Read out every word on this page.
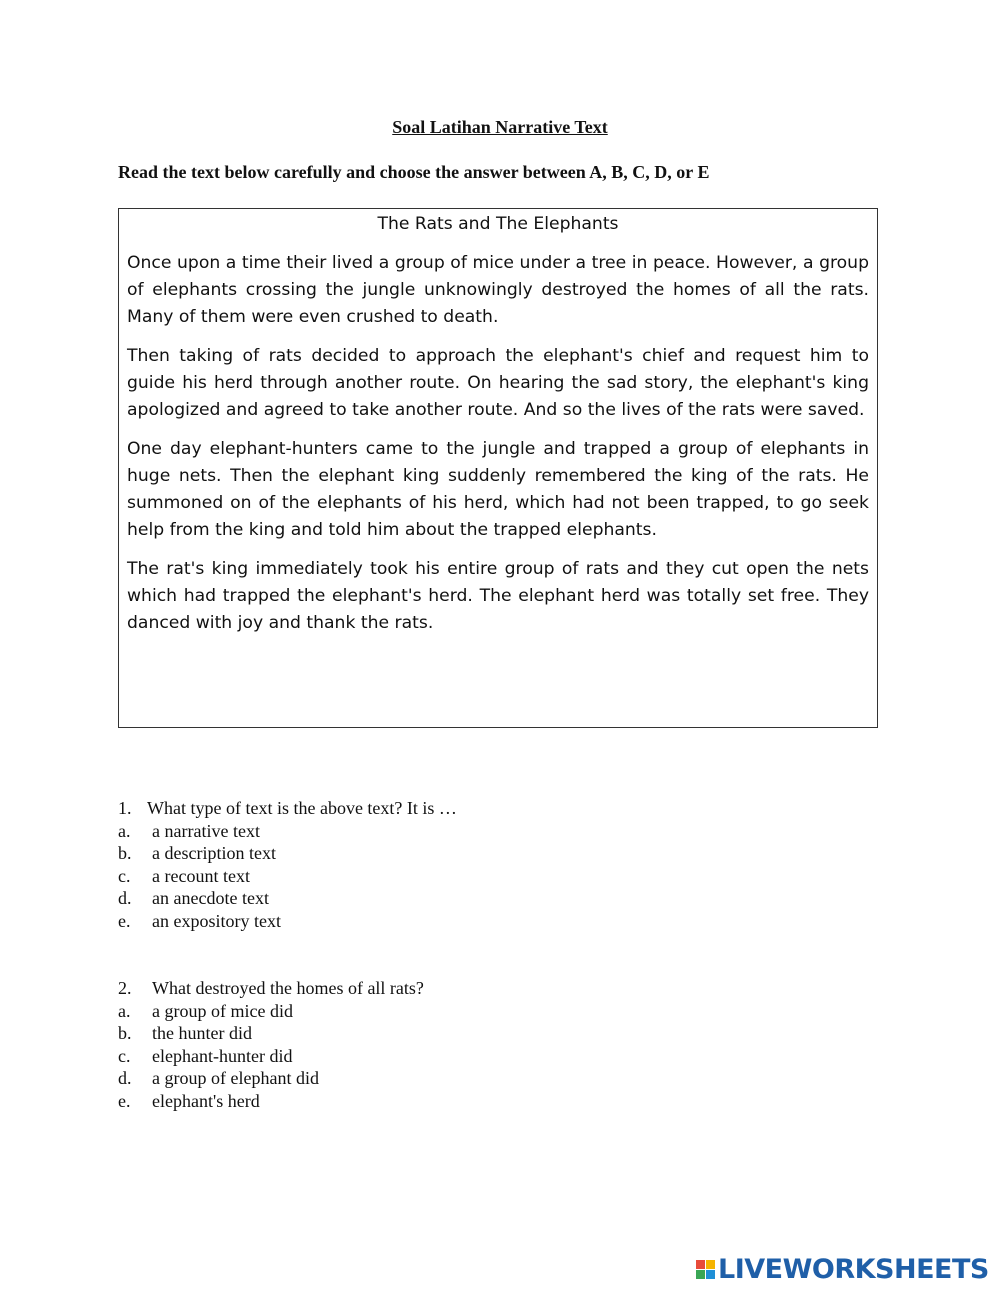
Soal Latihan Narrative Text
Read the text below carefully and choose the answer between A, B, C, D, or E
The Rats and The Elephants

Once upon a time their lived a group of mice under a tree in peace. However, a group of elephants crossing the jungle unknowingly destroyed the homes of all the rats. Many of them were even crushed to death.

Then taking of rats decided to approach the elephant's chief and request him to guide his herd through another route. On hearing the sad story, the elephant's king apologized and agreed to take another route. And so the lives of the rats were saved.

One day elephant-hunters came to the jungle and trapped a group of elephants in huge nets. Then the elephant king suddenly remembered the king of the rats. He summoned on of the elephants of his herd, which had not been trapped, to go seek help from the king and told him about the trapped elephants.

The rat's king immediately took his entire group of rats and they cut open the nets which had trapped the elephant's herd. The elephant herd was totally set free. They danced with joy and thank the rats.

1. What type of text is the above text? It is …
a. a narrative text
b. a description text
c. a recount text
d. an anecdote text
e. an expository text
2. What destroyed the homes of all rats?
a. a group of mice did
b. the hunter did
c. elephant-hunter did
d. a group of elephant did
e. elephant's herd
LIVEWORKSHEETS
